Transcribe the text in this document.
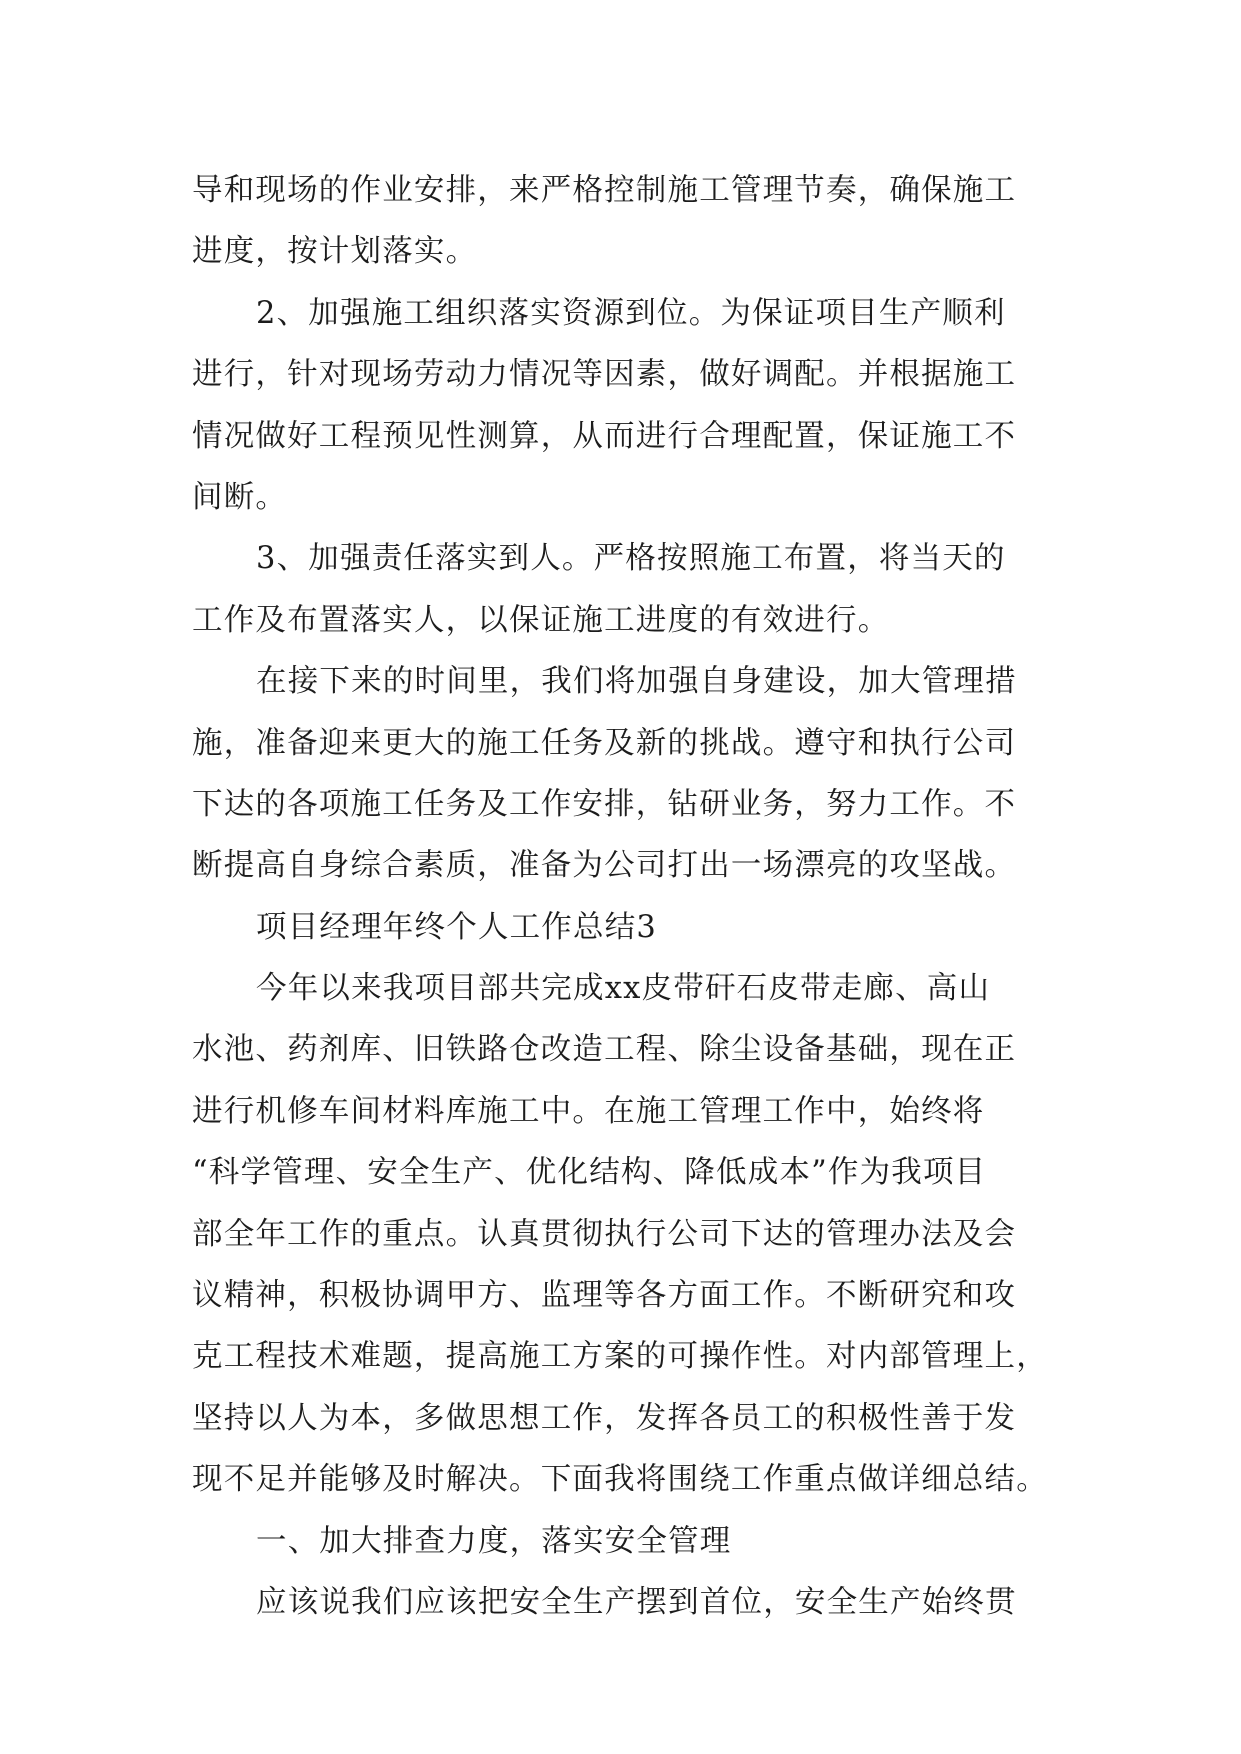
导和现场的作业安排，来严格控制施工管理节奏，确保施工
进度，按计划落实。
2、加强施工组织落实资源到位。为保证项目生产顺利
进行，针对现场劳动力情况等因素，做好调配。并根据施工
情况做好工程预见性测算，从而进行合理配置，保证施工不
间断。
3、加强责任落实到人。严格按照施工布置，将当天的
工作及布置落实人，以保证施工进度的有效进行。
在接下来的时间里，我们将加强自身建设，加大管理措
施，准备迎来更大的施工任务及新的挑战。遵守和执行公司
下达的各项施工任务及工作安排，钻研业务，努力工作。不
断提高自身综合素质，准备为公司打出一场漂亮的攻坚战。
项目经理年终个人工作总结3
今年以来我项目部共完成xx皮带矸石皮带走廊、高山
水池、药剂库、旧铁路仓改造工程、除尘设备基础，现在正
进行机修车间材料库施工中。在施工管理工作中，始终将
“科学管理、安全生产、优化结构、降低成本”作为我项目
部全年工作的重点。认真贯彻执行公司下达的管理办法及会
议精神，积极协调甲方、监理等各方面工作。不断研究和攻
克工程技术难题，提高施工方案的可操作性。对内部管理上，
坚持以人为本，多做思想工作，发挥各员工的积极性善于发
现不足并能够及时解决。下面我将围绕工作重点做详细总结。
一、加大排查力度，落实安全管理
应该说我们应该把安全生产摆到首位，安全生产始终贯
